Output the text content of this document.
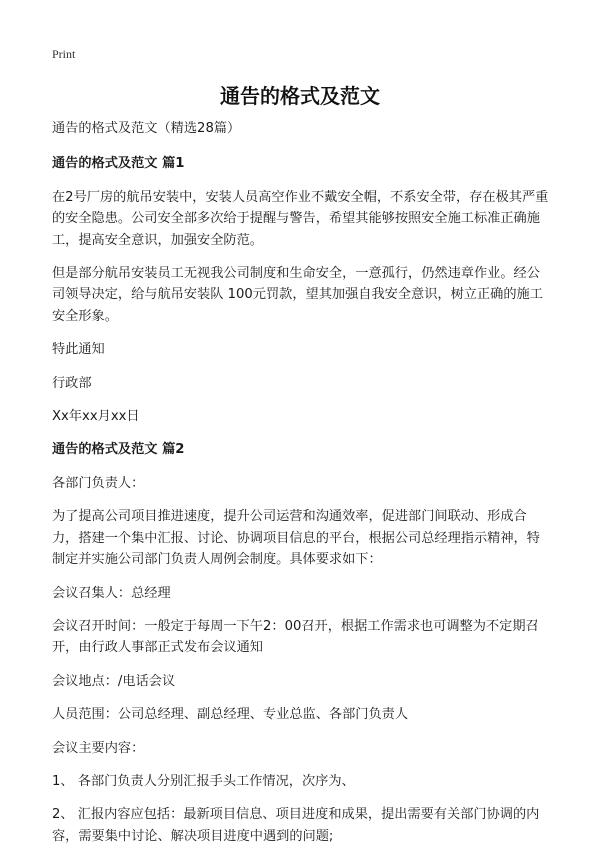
Print
通告的格式及范文

通告的格式及范文（精选28篇）

通告的格式及范文 篇1

在2号厂房的航吊安装中，安装人员高空作业不戴安全帽，不系安全带，存在极其严重的安全隐患。公司安全部多次给于提醒与警告，希望其能够按照安全施工标准正确施工，提高安全意识，加强安全防范。

但是部分航吊安装员工无视我公司制度和生命安全，一意孤行，仍然违章作业。经公司领导决定，给与航吊安装队 100元罚款，望其加强自我安全意识，树立正确的施工安全形象。

特此通知

行政部

Xx年xx月xx日

通告的格式及范文 篇2

各部门负责人：

为了提高公司项目推进速度，提升公司运营和沟通效率，促进部门间联动、形成合力，搭建一个集中汇报、讨论、协调项目信息的平台，根据公司总经理指示精神，特制定并实施公司部门负责人周例会制度。具体要求如下：

会议召集人：总经理

会议召开时间：一般定于每周一下午2：00召开，根据工作需求也可调整为不定期召开，由行政人事部正式发布会议通知

会议地点：/电话会议

人员范围：公司总经理、副总经理、专业总监、各部门负责人

会议主要内容：

1、 各部门负责人分别汇报手头工作情况，次序为、

2、 汇报内容应包括：最新项目信息、项目进度和成果，提出需要有关部门协调的内容，需要集中讨论、解决项目进度中遇到的问题;
